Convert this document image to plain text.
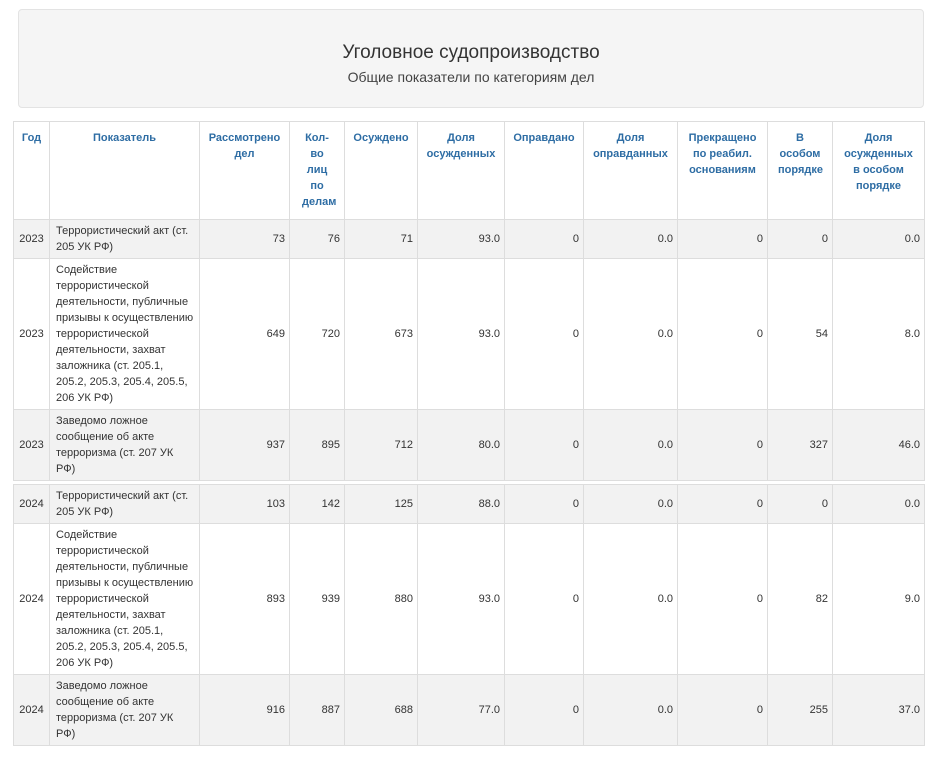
Уголовное судопроизводство
Общие показатели по категориям дел
Год	Показатель	Рассмотрено дел	Кол-во лиц по делам	Осуждено	Доля осужденных	Оправдано	Доля оправданных	Прекращено по реабил. основаниям	В особом порядке	Доля осужденных в особом порядке
2023	Террористический акт (ст. 205 УК РФ)	73	76	71	93.0	0	0.0	0	0	0.0
2023	Содействие террористической деятельности, публичные призывы к осуществлению террористической деятельности, захват заложника (ст. 205.1, 205.2, 205.3, 205.4, 205.5, 206 УК РФ)	649	720	673	93.0	0	0.0	0	54	8.0
2023	Заведомо ложное сообщение об акте терроризма (ст. 207 УК РФ)	937	895	712	80.0	0	0.0	0	327	46.0

2024	Террористический акт (ст. 205 УК РФ)	103	142	125	88.0	0	0.0	0	0	0.0
2024	Содействие террористической деятельности, публичные призывы к осуществлению террористической деятельности, захват заложника (ст. 205.1, 205.2, 205.3, 205.4, 205.5, 206 УК РФ)	893	939	880	93.0	0	0.0	0	82	9.0
2024	Заведомо ложное сообщение об акте терроризма (ст. 207 УК РФ)	916	887	688	77.0	0	0.0	0	255	37.0
